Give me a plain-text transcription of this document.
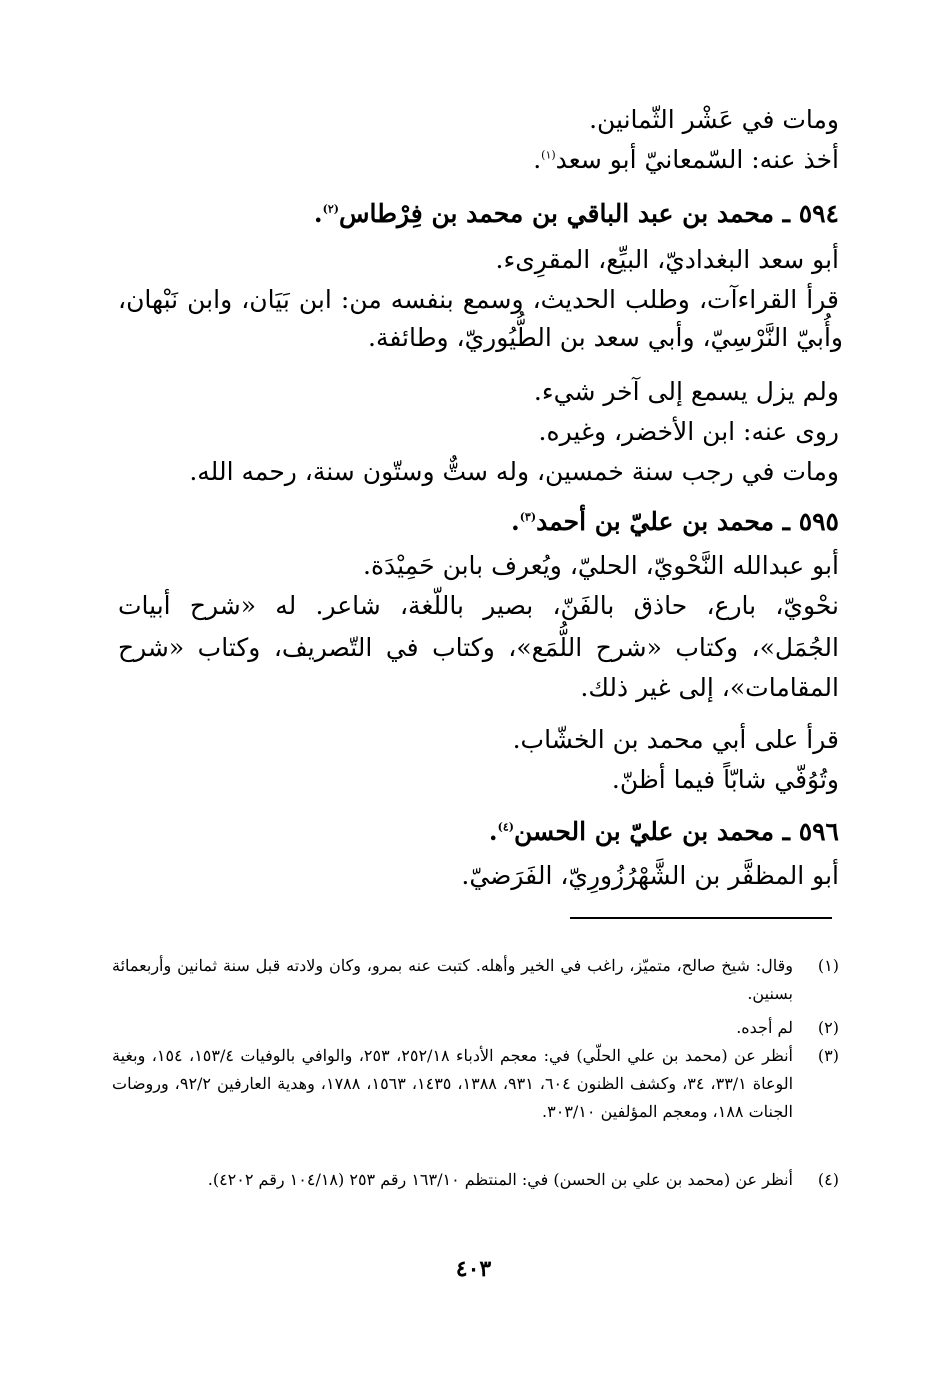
ومات في عَشْر الثّمانين.
أخذ عنه: السّمعانيّ أبو سعد$^{(١)}$.
٥٩٤ ـ محمد بن عبد الباقي بن محمد بن فِرْطاس$^{(٢)}$.
أبو سعد البغداديّ، البيِّع، المقرِىء.
قرأ القراءآت، وطلب الحديث، وسمع بنفسه من: ابن بَيَان، وابن نَبْهان،
وأُبيّ النَّرْسِيّ، وأبي سعد بن الطُّيُوريّ، وطائفة.
ولم يزل يسمع إلى آخر شيء.
روى عنه: ابن الأخضر، وغيره.
ومات في رجب سنة خمسين، وله ستٌّ وستّون سنة، رحمه الله.
٥٩٥ ـ محمد بن عليّ بن أحمد$^{(٣)}$.
أبو عبدالله النَّحْويّ، الحليّ، ويُعرف بابن حَمِيْدَة.
نحْويّ، بارع، حاذق بالفَنّ، بصير باللّغة، شاعر. له «شرح أبيات
الجُمَل»، وكتاب «شرح اللُّمَع»، وكتاب في التّصريف، وكتاب «شرح
المقامات»، إلى غير ذلك.
قرأ على أبي محمد بن الخشّاب.
وتُوُفّي شابّاً فيما أظنّ.
٥٩٦ ـ محمد بن عليّ بن الحسن$^{(٤)}$.
أبو المظفَّر بن الشَّهْرُزُورِيّ، الفَرَضيّ.
(١)
وقال: شيخ صالح، متميّز، راغب في الخير وأهله. كتبت عنه بمرو، وكان ولادته قبل سنة ثمانين وأربعمائة بسنين.
(٢)
لم أجده.
(٣)
أنظر عن (محمد بن علي الحلّي) في: معجم الأدباء ٢٥٢/١٨، ٢٥٣، والوافي بالوفيات ١٥٣/٤، ١٥٤، وبغية الوعاة ٣٣/١، ٣٤، وكشف الظنون ٦٠٤، ٩٣١، ١٣٨٨، ١٤٣٥، ١٥٦٣، ١٧٨٨، وهدية العارفين ٩٢/٢، وروضات الجنات ١٨٨، ومعجم المؤلفين ٣٠٣/١٠.
(٤)
أنظر عن (محمد بن علي بن الحسن) في: المنتظم ١٦٣/١٠ رقم ٢٥٣ (١٠٤/١٨ رقم ٤٢٠٢).
٤٠٣
